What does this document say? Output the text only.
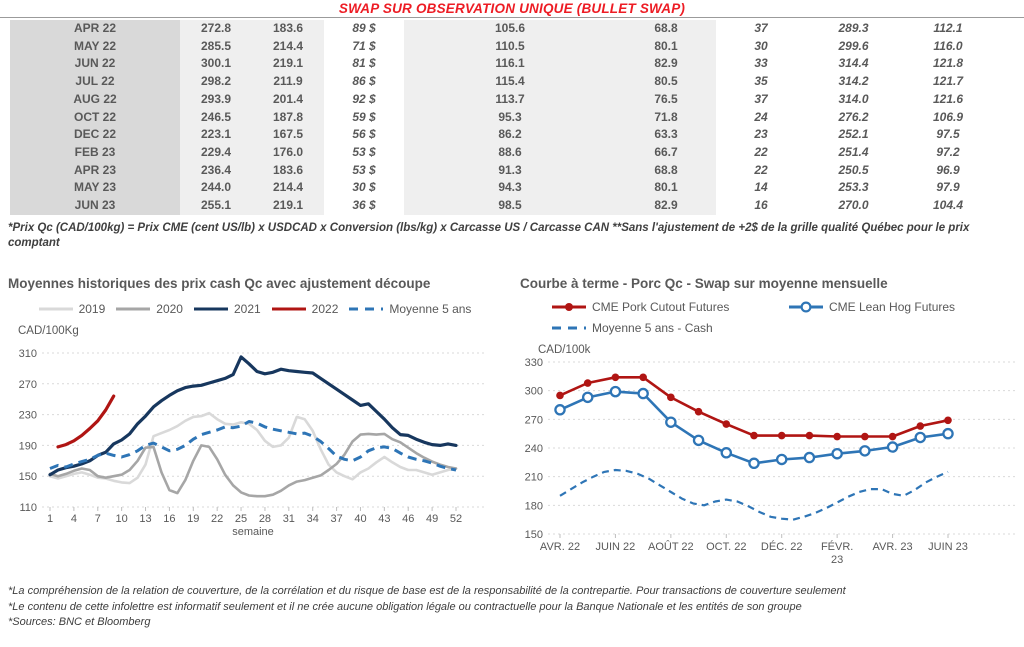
SWAP SUR OBSERVATION UNIQUE (BULLET SWAP)
APR 22	272.8	183.6	89 $	105.6	68.8	37	289.3	112.1
MAY 22	285.5	214.4	71 $	110.5	80.1	30	299.6	116.0
JUN 22	300.1	219.1	81 $	116.1	82.9	33	314.4	121.8
JUL 22	298.2	211.9	86 $	115.4	80.5	35	314.2	121.7
AUG 22	293.9	201.4	92 $	113.7	76.5	37	314.0	121.6
OCT 22	246.5	187.8	59 $	95.3	71.8	24	276.2	106.9
DEC 22	223.1	167.5	56 $	86.2	63.3	23	252.1	97.5
FEB 23	229.4	176.0	53 $	88.6	66.7	22	251.4	97.2
APR 23	236.4	183.6	53 $	91.3	68.8	22	250.5	96.9
MAY 23	244.0	214.4	30 $	94.3	80.1	14	253.3	97.9
JUN 23	255.1	219.1	36 $	98.5	82.9	16	270.0	104.4
*Prix Qc (CAD/100kg) = Prix CME (cent US/lb) x USDCAD x Conversion (lbs/kg) x Carcasse US / Carcasse CAN **Sans l'ajustement de +2$ de la grille qualité Québec pour le prix comptant
Moyennes historiques des prix cash Qc avec ajustement découpe
2019	2020	2021	2022	Moyenne 5 ans
CAD/100Kg
110
150
190
230
270
310
1 4 7 10 13 16 19 22 25 28 31 34 37 40 43 46 49 52
semaine
Courbe à terme - Porc Qc - Swap sur moyenne mensuelle
CME Pork Cutout Futures	CME Lean Hog Futures
Moyenne 5 ans - Cash
CAD/100k
150
180
210
240
270
300
330
AVR. 22 JUIN 22 AOÛT 22 OCT. 22 DÉC. 22 FÉVR.
23
AVR. 23 JUIN 23
*La compréhension de la relation de couverture, de la corrélation et du risque de base est de la responsabilité de la contrepartie. Pour transactions de couverture seulement
*Le contenu de cette infolettre est informatif seulement et il ne crée aucune obligation légale ou contractuelle pour la Banque Nationale et les entités de son groupe
*Sources: BNC et Bloomberg
